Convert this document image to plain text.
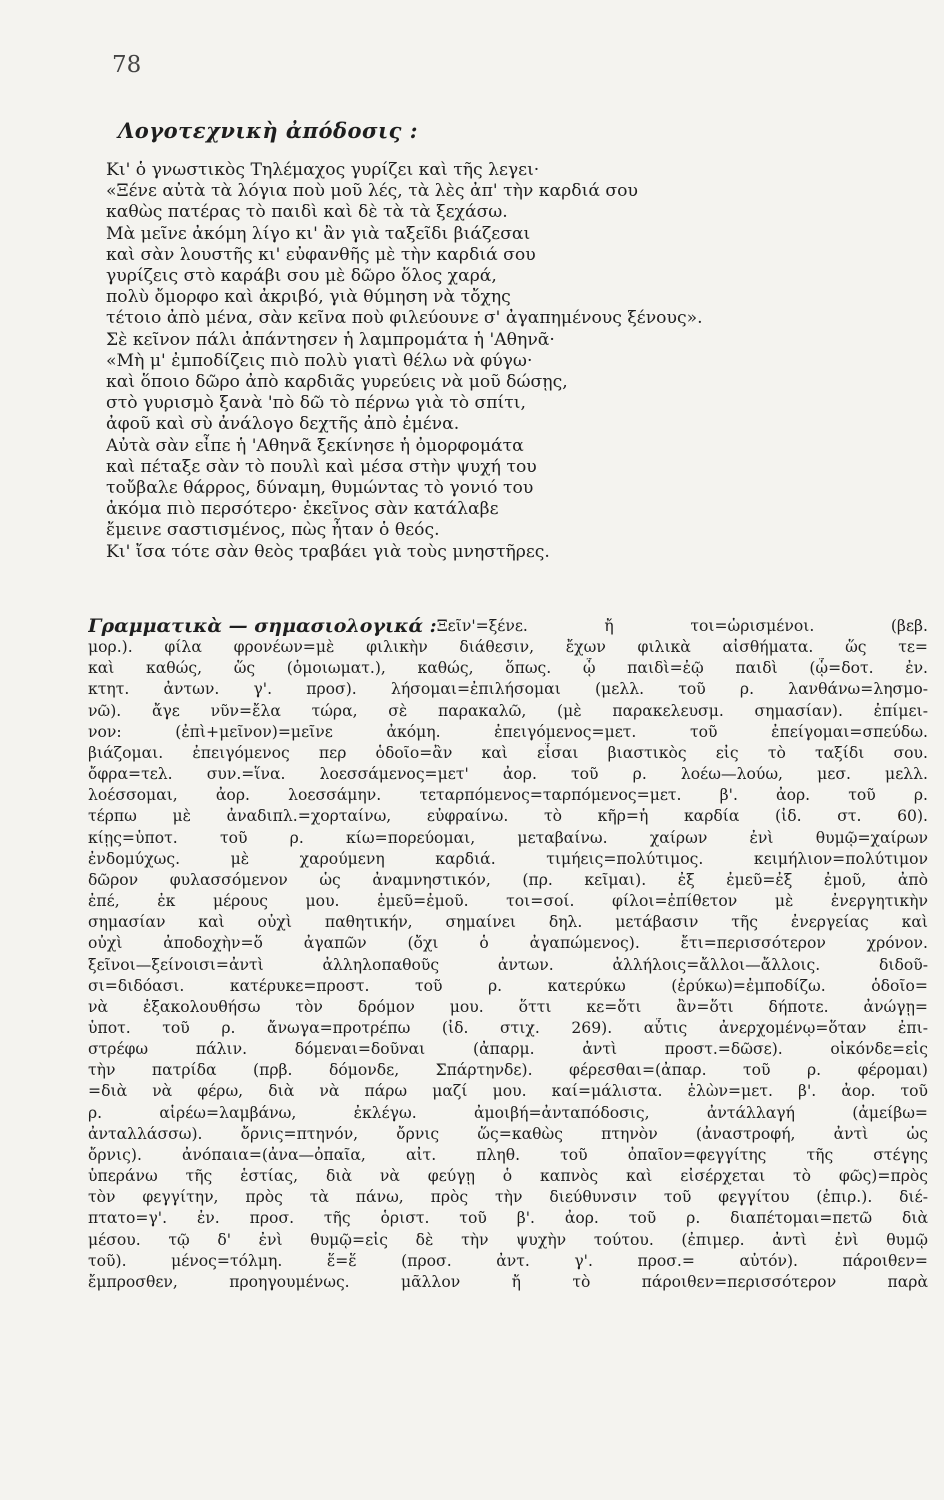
78
Λογοτεχνικὴ ἀπόδοσις :
Κι' ὁ γνωστικὸς Τηλέμαχος γυρίζει καὶ τῆς λεγει·
«Ξένε αὐτὰ τὰ λόγια ποὺ μοῦ λές, τὰ λὲς ἀπ' τὴν καρδιά σου
καθὼς πατέρας τὸ παιδὶ καὶ δὲ τὰ τὰ ξεχάσω.
Μὰ μεῖνε ἀκόμη λίγο κι' ἂν γιὰ ταξεῖδι βιάζεσαι
καὶ σὰν λουστῆς κι' εὐφανθῆς μὲ τὴν καρδιά σου
γυρίζεις στὸ καράβι σου μὲ δῶρο ὅλος χαρά,
πολὺ ὄμορφο καὶ ἀκριβό, γιὰ θύμηση νὰ τὄχης
τέτοιο ἀπὸ μένα, σὰν κεῖνα ποὺ φιλεύουνε σ' ἀγαπημένους ξένους».
Σὲ κεῖνον πάλι ἀπάντησεν ἡ λαμπρομάτα ἡ 'Αθηνᾶ·
«Μὴ μ' ἐμποδίζεις πιὸ πολὺ γιατὶ θέλω νὰ φύγω·
καὶ ὅποιο δῶρο ἀπὸ καρδιᾶς γυρεύεις νὰ μοῦ δώσῃς,
στὸ γυρισμὸ ξανὰ 'πὸ δῶ τὸ πέρνω γιὰ τὸ σπίτι,
ἀφοῦ καὶ σὺ ἀνάλογο δεχτῆς ἀπὸ ἐμένα.
Αὐτὰ σὰν εἶπε ἡ 'Αθηνᾶ ξεκίνησε ἡ ὀμορφομάτα
καὶ πέταξε σὰν τὸ πουλὶ καὶ μέσα στὴν ψυχή του
τοὔβαλε θάρρος, δύναμη, θυμώντας τὸ γονιό του
ἀκόμα πιὸ περσότερο· ἐκεῖνος σὰν κατάλαβε
ἔμεινε σαστισμένος, πὼς ἦταν ὁ θεός.
Κι' ἴσα τότε σὰν θεὸς τραβάει γιὰ τοὺς μνηστῆρες.
Γραμματικὰ — σημασιολογικά : Ξεῖν'=ξένε. ἤ τοι=ὡρισμένοι. (βεβ.
μορ.). φίλα φρονέων=μὲ φιλικὴν διάθεσιν, ἔχων φιλικὰ αἰσθήματα. ὥς τε=
καὶ καθώς, ὥς (ὁμοιωματ.), καθώς, ὅπως. ᾧ παιδὶ=ἐῷ παιδὶ (ᾧ=δοτ. ἐν.
κτητ. ἀντων. γ'. προσ). λήσομαι=ἐπιλήσομαι (μελλ. τοῦ ρ. λανθάνω=λησμο-
νῶ). ἄγε νῦν=ἔλα τώρα, σὲ παρακαλῶ, (μὲ παρακελευσμ. σημασίαν). ἐπίμει-
νον: (ἐπὶ+μεῖνον)=μεῖνε ἀκόμη. ἐπειγόμενος=μετ. τοῦ ἐπείγομαι=σπεύδω.
βιάζομαι. ἐπειγόμενος περ ὁδοῖο=ἂν καὶ εἶσαι βιαστικὸς εἰς τὸ ταξίδι σου.
ὄφρα=τελ. συν.=ἵνα. λοεσσάμενος=μετ' ἀορ. τοῦ ρ. λοέω—λούω, μεσ. μελλ.
λοέσσομαι, ἀορ. λοεσσάμην. τεταρπόμενος=ταρπόμενος=μετ. β'. ἀορ. τοῦ ρ.
τέρπω μὲ ἀναδιπλ.=χορταίνω, εὐφραίνω. τὸ κῆρ=ἡ καρδία (ἰδ. στ. 60).
κίῃς=ὑποτ. τοῦ ρ. κίω=πορεύομαι, μεταβαίνω. χαίρων ἐνὶ θυμῷ=χαίρων
ἐνδομύχως. μὲ χαρούμενη καρδιά. τιμήεις=πολύτιμος. κειμήλιον=πολύτιμον
δῶρον φυλασσόμενον ὡς ἀναμνηστικόν, (πρ. κεῖμαι). ἐξ ἐμεῦ=ἐξ ἐμοῦ, ἀπὸ
ἐπέ, ἐκ μέρους μου. ἐμεῦ=ἐμοῦ. τοι=σοί. φίλοι=ἐπίθετον μὲ ἐνεργητικὴν
σημασίαν καὶ οὐχὶ παθητικήν, σημαίνει δηλ. μετάβασιν τῆς ἐνεργείας καὶ
οὐχὶ ἀποδοχὴν=ὅ ἀγαπῶν (ὄχι ὁ ἀγαπώμενος). ἔτι=περισσότερον χρόνον.
ξεῖνοι—ξείνοισι=ἀντὶ ἀλληλοπαθοῦς ἀντων. ἀλλήλοις=ἄλλοι—ἄλλοις. διδοῦ-
σι=διδόασι. κατέρυκε=προστ. τοῦ ρ. κατερύκω (ἐρύκω)=ἐμποδίζω. ὁδοῖο=
νὰ ἐξακολουθήσω τὸν δρόμον μου. ὅττι κε=ὅτι ἂν=ὅτι δήποτε. ἀνώγῃ=
ὑποτ. τοῦ ρ. ἄνωγα=προτρέπω (ἰδ. στιχ. 269). αὖτις ἀνερχομένῳ=ὅταν ἐπι-
στρέφω πάλιν. δόμεναι=δοῦναι (ἀπαρμ. ἀντὶ προστ.=δῶσε). οἰκόνδε=εἰς
τὴν πατρίδα (πρβ. δόμονδε, Σπάρτηνδε). φέρεσθαι=(ἀπαρ. τοῦ ρ. φέρομαι)
=διὰ νὰ φέρω, διὰ νὰ πάρω μαζί μου. καί=μάλιστα. ἑλὼν=μετ. β'. ἀορ. τοῦ
ρ. αἱρέω=λαμβάνω, ἐκλέγω. ἀμοιβή=ἀνταπόδοσις, ἀντάλλαγή (ἀμείβω=
ἀνταλλάσσω). ὄρνις=πτηνόν, ὄρνις ὥς=καθὼς πτηνὸν (ἀναστροφή, ἀντὶ ὡς
ὄρνις). ἀνόπαια=(ἀνα—ὀπαῖα, αἰτ. πληθ. τοῦ ὀπαῖον=φεγγίτης τῆς στέγης
ὑπεράνω τῆς ἑστίας, διὰ νὰ φεύγῃ ὁ καπνὸς καὶ εἰσέρχεται τὸ φῶς)=πρὸς
τὸν φεγγίτην, πρὸς τὰ πάνω, πρὸς τὴν διεύθυνσιν τοῦ φεγγίτου (ἐπιρ.). διέ-
πτατο=γ'. ἐν. προσ. τῆς ὁριστ. τοῦ β'. ἀορ. τοῦ ρ. διαπέτομαι=πετῶ διὰ
μέσου. τῷ δ' ἐνὶ θυμῷ=εἰς δὲ τὴν ψυχὴν τούτου. (ἐπιμερ. ἀντὶ ἐνὶ θυμῷ
τοῦ). μένος=τόλμη. ἕ=ἕ (προσ. ἀντ. γ'. προσ.= αὐτόν). πάροιθεν=
ἔμπροσθεν, προηγουμένως. μᾶλλον ἤ τὸ πάροιθεν=περισσότερον παρὰ
